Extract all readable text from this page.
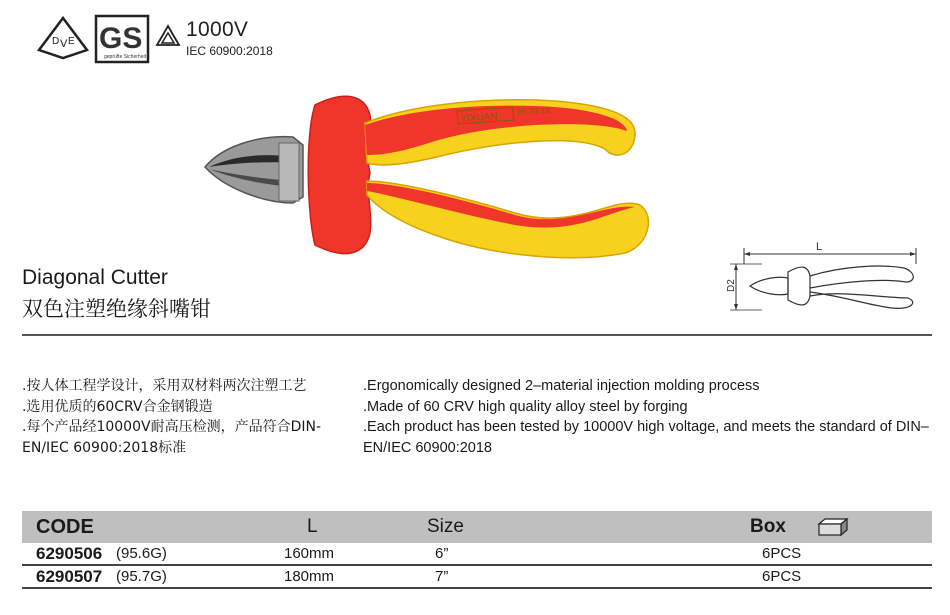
D V E GS
geprüfte Sicherheit
1000V
IEC 60900:2018
YIXUAN
95.7G 15
L
D2
Diagonal Cutter
双色注塑绝缘斜嘴钳
.按人体工程学设计，采用双材料两次注塑工艺
.选用优质的60CRV合金钢锻造
.每个产品经10000V耐高压检测，产品符合DIN-EN/IEC 60900:2018标准
.Ergonomically designed 2–material injection molding process
.Made of 60 CRV high quality alloy steel by forging
.Each product has been tested by 10000V high voltage, and meets the standard of DIN–EN/IEC 60900:2018
CODE	L	Size	Box
6290506 (95.6G)	160mm	6”	6PCS
6290507 (95.7G)	180mm	7”	6PCS
